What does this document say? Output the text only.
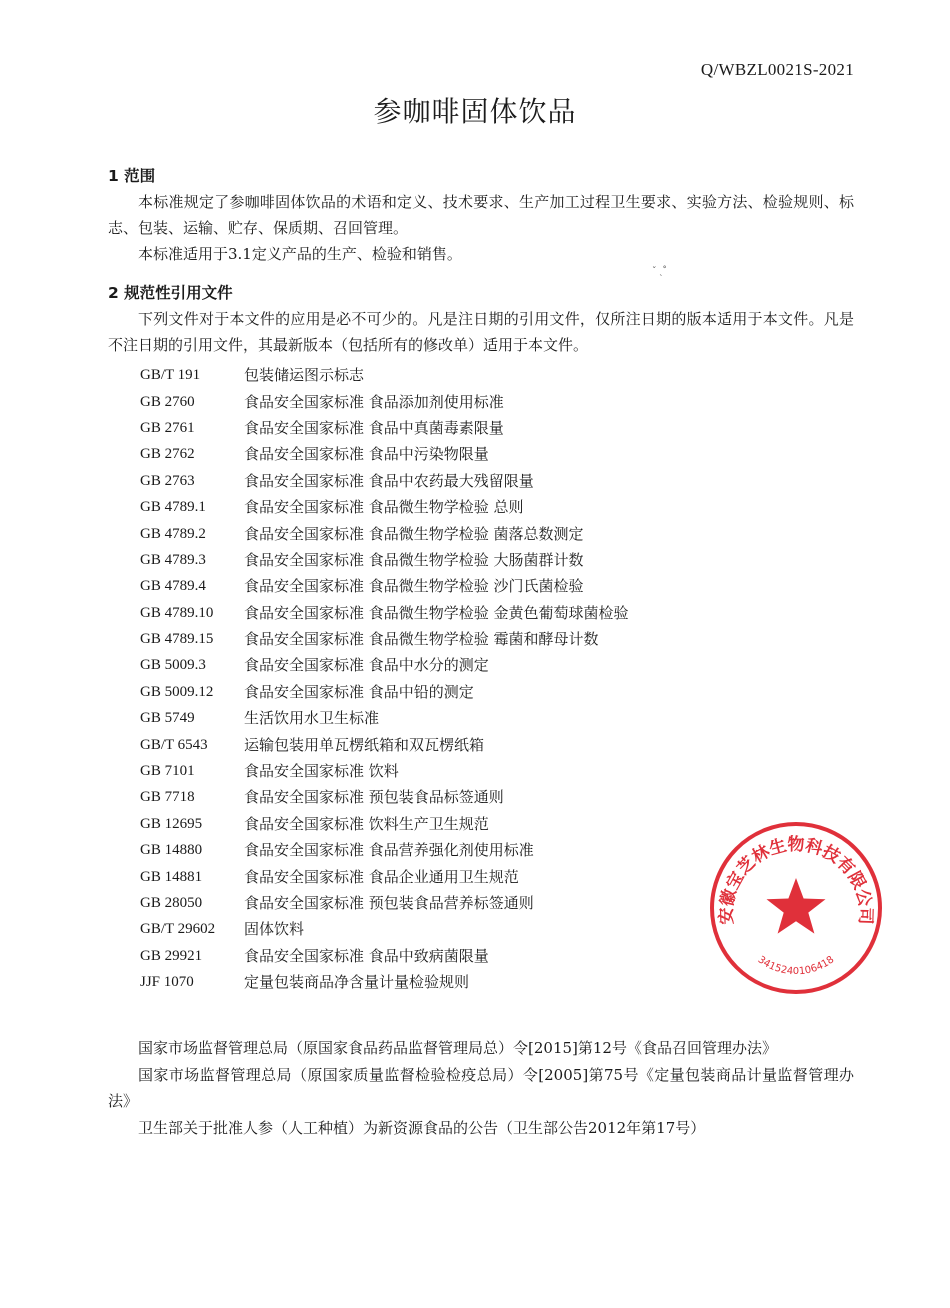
Q/WBZL0021S-2021
参咖啡固体饮品
ˇ ˏ˚
1 范围

本标准规定了参咖啡固体饮品的术语和定义、技术要求、生产加工过程卫生要求、实验方法、检验规则、标志、包装、运输、贮存、保质期、召回管理。

本标准适用于3.1定义产品的生产、检验和销售。

2 规范性引用文件

下列文件对于本文件的应用是必不可少的。凡是注日期的引用文件，仅所注日期的版本适用于本文件。凡是不注日期的引用文件，其最新版本（包括所有的修改单）适用于本文件。

GB/T 191	包装储运图示标志
GB 2760	食品安全国家标准 食品添加剂使用标准
GB 2761	食品安全国家标准 食品中真菌毒素限量
GB 2762	食品安全国家标准 食品中污染物限量
GB 2763	食品安全国家标准 食品中农药最大残留限量
GB 4789.1	食品安全国家标准 食品微生物学检验 总则
GB 4789.2	食品安全国家标准 食品微生物学检验 菌落总数测定
GB 4789.3	食品安全国家标准 食品微生物学检验 大肠菌群计数
GB 4789.4	食品安全国家标准 食品微生物学检验 沙门氏菌检验
GB 4789.10	食品安全国家标准 食品微生物学检验 金黄色葡萄球菌检验
GB 4789.15	食品安全国家标准 食品微生物学检验 霉菌和酵母计数
GB 5009.3	食品安全国家标准 食品中水分的测定
GB 5009.12	食品安全国家标准 食品中铅的测定
GB 5749	生活饮用水卫生标准
GB/T 6543	运输包装用单瓦楞纸箱和双瓦楞纸箱
GB 7101	食品安全国家标准 饮料
GB 7718	食品安全国家标准 预包装食品标签通则
GB 12695	食品安全国家标准 饮料生产卫生规范
GB 14880	食品安全国家标准 食品营养强化剂使用标准
GB 14881	食品安全国家标准 食品企业通用卫生规范
GB 28050	食品安全国家标准 预包装食品营养标签通则
GB/T 29602	固体饮料
GB 29921	食品安全国家标准 食品中致病菌限量
JJF 1070	定量包装商品净含量计量检验规则

国家市场监督管理总局（原国家食品药品监督管理局总）令[2015]第12号《食品召回管理办法》

国家市场监督管理总局（原国家质量监督检验检疫总局）令[2005]第75号《定量包装商品计量监督管理办法》

卫生部关于批准人参（人工种植）为新资源食品的公告（卫生部公告2012年第17号）

安徽宝芝林生物科技有限公司
3415240106418
